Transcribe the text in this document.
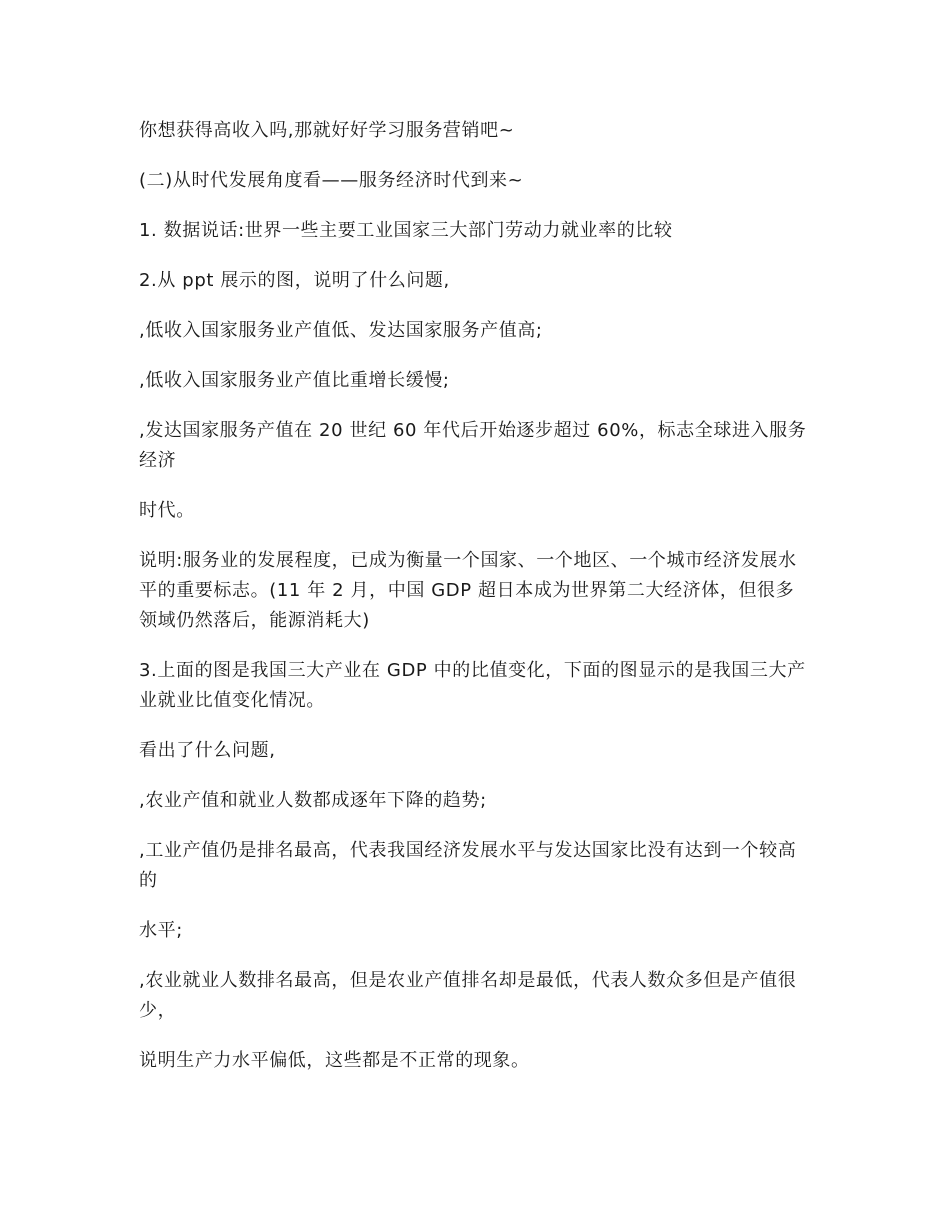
你想获得高收入吗,那就好好学习服务营销吧~

(二)从时代发展角度看——服务经济时代到来~

1. 数据说话:世界一些主要工业国家三大部门劳动力就业率的比较

2.从 ppt 展示的图，说明了什么问题,

,低收入国家服务业产值低、发达国家服务产值高;

,低收入国家服务业产值比重增长缓慢;

,发达国家服务产值在 20 世纪 60 年代后开始逐步超过 60%，标志全球进入服务经济

时代。

说明:服务业的发展程度，已成为衡量一个国家、一个地区、一个城市经济发展水平的重要标志。(11 年 2 月，中国 GDP 超日本成为世界第二大经济体，但很多领域仍然落后，能源消耗大)

3.上面的图是我国三大产业在 GDP 中的比值变化，下面的图显示的是我国三大产业就业比值变化情况。

看出了什么问题,

,农业产值和就业人数都成逐年下降的趋势;

,工业产值仍是排名最高，代表我国经济发展水平与发达国家比没有达到一个较高的

水平;

,农业就业人数排名最高，但是农业产值排名却是最低，代表人数众多但是产值很少，

说明生产力水平偏低，这些都是不正常的现象。
